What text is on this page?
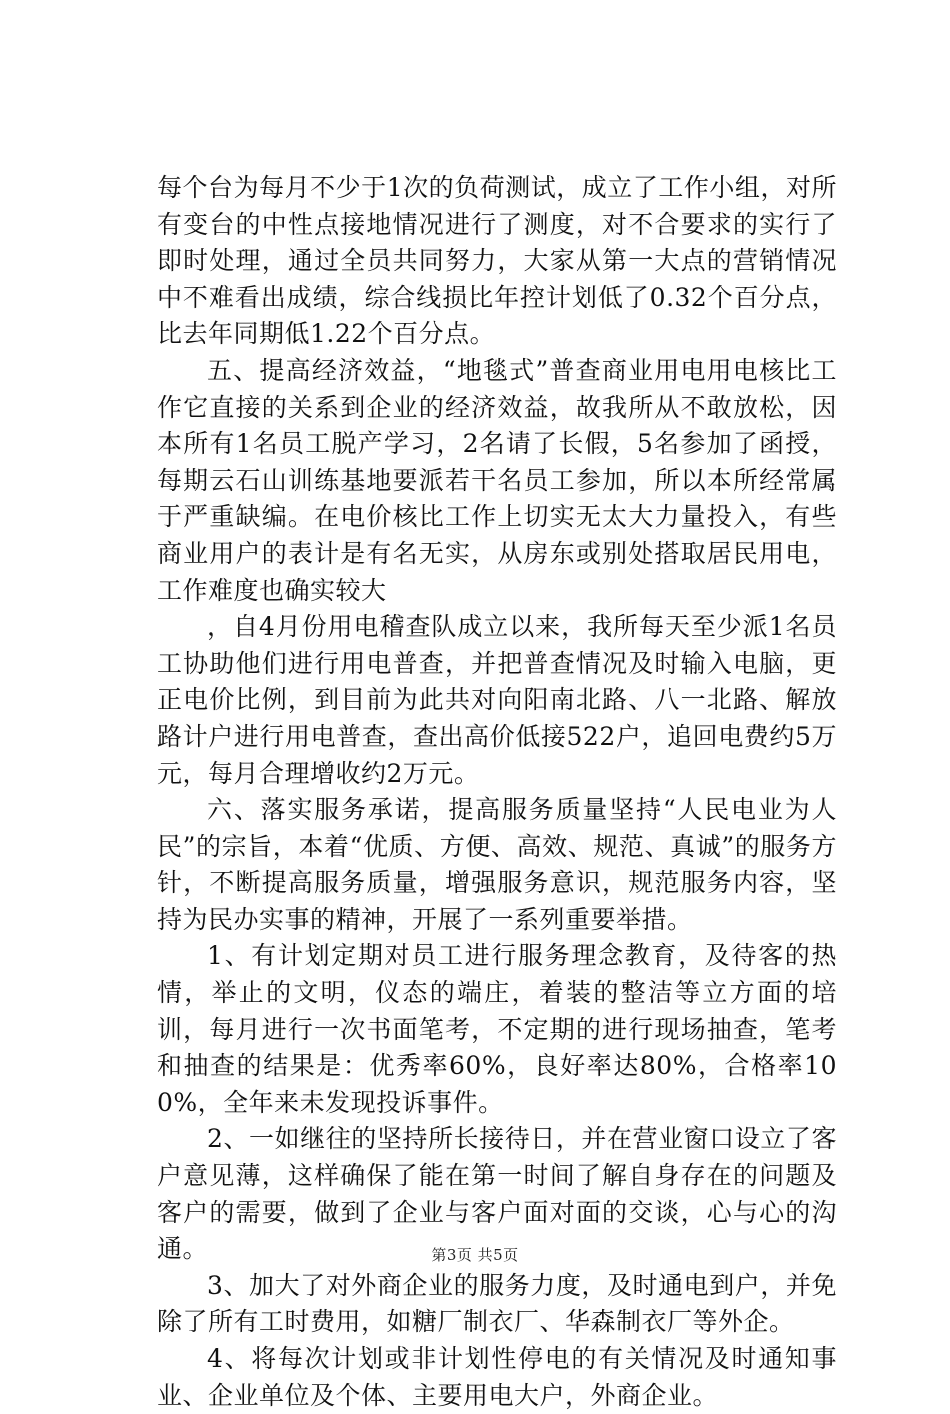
每个台为每月不少于1次的负荷测试，成立了工作小组，对所有变台的中性点接地情况进行了测度，对不合要求的实行了即时处理，通过全员共同努力，大家从第一大点的营销情况中不难看出成绩，综合线损比年控计划低了0.32个百分点，比去年同期低1.22个百分点。

五、提高经济效益，“地毯式”普查商业用电用电核比工作它直接的关系到企业的经济效益，故我所从不敢放松，因本所有1名员工脱产学习，2名请了长假，5名参加了函授，每期云石山训练基地要派若干名员工参加，所以本所经常属于严重缺编。在电价核比工作上切实无太大力量投入，有些商业用户的表计是有名无实，从房东或别处搭取居民用电，工作难度也确实较大

，自4月份用电稽查队成立以来，我所每天至少派1名员工协助他们进行用电普查，并把普查情况及时输入电脑，更正电价比例，到目前为此共对向阳南北路、八一北路、解放路计户进行用电普查，查出高价低接522户，追回电费约5万元，每月合理增收约2万元。

六、落实服务承诺，提高服务质量坚持“人民电业为人民”的宗旨，本着“优质、方便、高效、规范、真诚”的服务方针，不断提高服务质量，增强服务意识，规范服务内容，坚持为民办实事的精神，开展了一系列重要举措。

1、有计划定期对员工进行服务理念教育，及待客的热情，举止的文明，仪态的端庄，着装的整洁等立方面的培训，每月进行一次书面笔考，不定期的进行现场抽查，笔考和抽查的结果是：优秀率60%，良好率达80%，合格率100%，全年来未发现投诉事件。

2、一如继往的坚持所长接待日，并在营业窗口设立了客户意见薄，这样确保了能在第一时间了解自身存在的问题及客户的需要，做到了企业与客户面对面的交谈，心与心的沟通。

3、加大了对外商企业的服务力度，及时通电到户，并免除了所有工时费用，如糖厂制衣厂、华森制衣厂等外企。

4、将每次计划或非计划性停电的有关情况及时通知事业、企业单位及个体、主要用电大户，外商企业。

第3页 共5页
